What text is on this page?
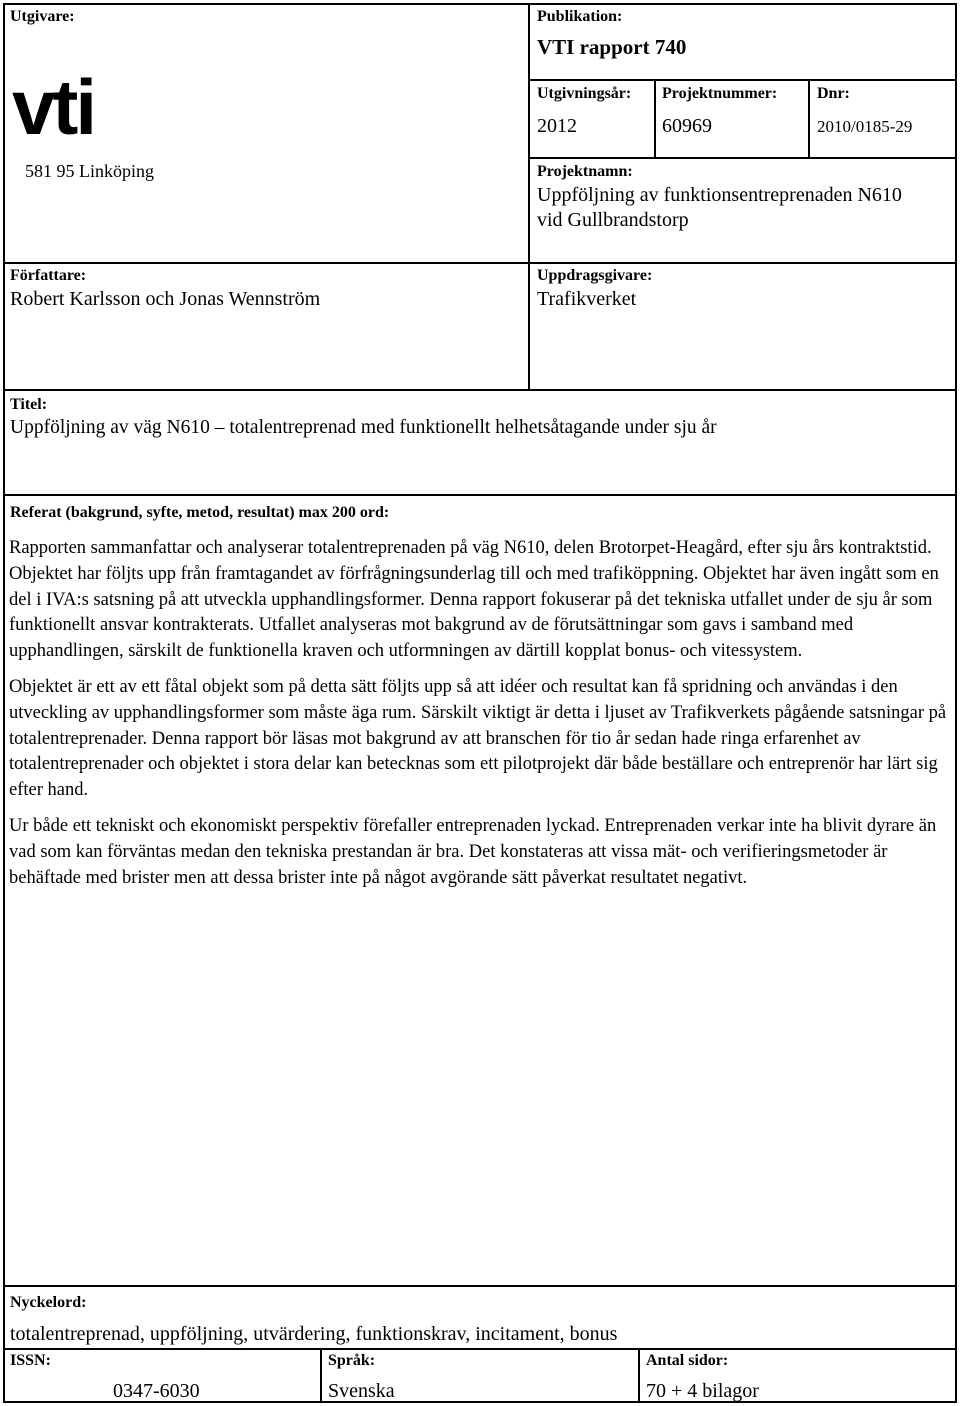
Utgivare:
vti
581 95 Linköping
Publikation:
VTI rapport 740
Utgivningsår:
2012
Projektnummer:
60969
Dnr:
2010/0185-29
Projektnamn:
Uppföljning av funktionsentreprenaden N610
vid Gullbrandstorp
Författare:
Robert Karlsson och Jonas Wennström
Uppdragsgivare:
Trafikverket
Titel:
Uppföljning av väg N610 – totalentreprenad med funktionellt helhetsåtagande under sju år
Referat (bakgrund, syfte, metod, resultat) max 200 ord:

Rapporten sammanfattar och analyserar totalentreprenaden på väg N610, delen Brotorpet-Heagård, efter sju års kontraktstid. Objektet har följts upp från framtagandet av förfrågningsunderlag till och med trafiköppning. Objektet har även ingått som en del i IVA:s satsning på att utveckla upphandlingsformer. Denna rapport fokuserar på det tekniska utfallet under de sju år som funktionellt ansvar kontrakterats. Utfallet analyseras mot bakgrund av de förutsättningar som gavs i samband med upphandlingen, särskilt de funktionella kraven och utformningen av därtill kopplat bonus- och vitessystem.

Objektet är ett av ett fåtal objekt som på detta sätt följts upp så att idéer och resultat kan få spridning och användas i den utveckling av upphandlingsformer som måste äga rum. Särskilt viktigt är detta i ljuset av Trafikverkets pågående satsningar på totalentreprenader. Denna rapport bör läsas mot bakgrund av att branschen för tio år sedan hade ringa erfarenhet av totalentreprenader och objektet i stora delar kan betecknas som ett pilotprojekt där både beställare och entreprenör har lärt sig efter hand.

Ur både ett tekniskt och ekonomiskt perspektiv förefaller entreprenaden lyckad. Entreprenaden verkar inte ha blivit dyrare än vad som kan förväntas medan den tekniska prestandan är bra. Det konstateras att vissa mät- och verifieringsmetoder är behäftade med brister men att dessa brister inte på något avgörande sätt påverkat resultatet negativt.

Nyckelord:
totalentreprenad, uppföljning, utvärdering, funktionskrav, incitament, bonus
ISSN:
0347-6030
Språk:
Svenska
Antal sidor:
70 + 4 bilagor
